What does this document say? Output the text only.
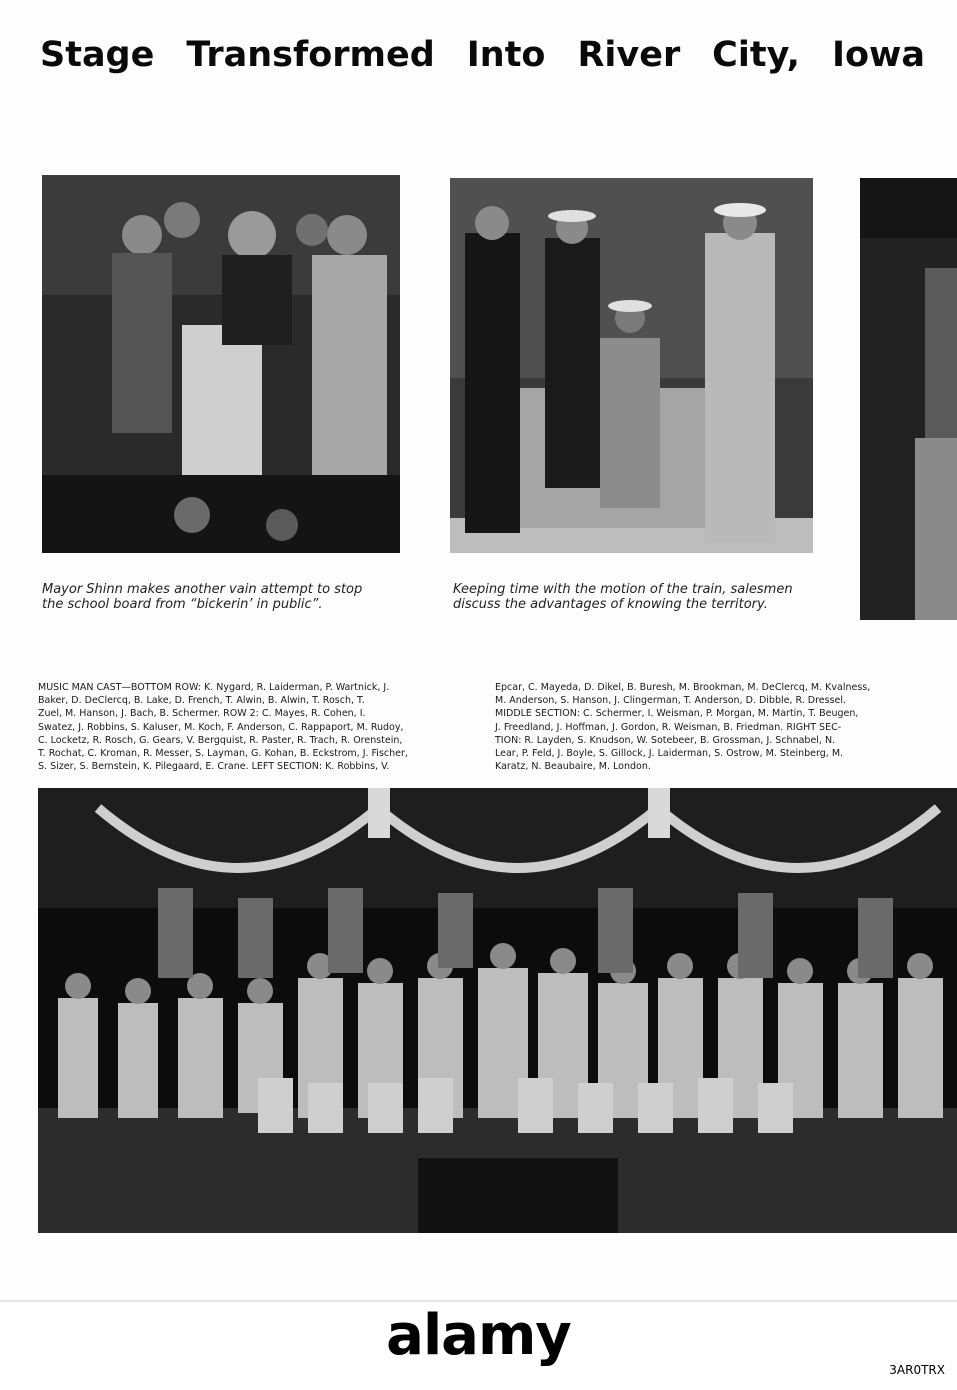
Stage Transformed Into River City, Iowa
Mayor Shinn makes another vain attempt to stop
the school board from “bickerin’ in public”.
Keeping time with the motion of the train, salesmen
discuss the advantages of knowing the territory.
MUSIC MAN CAST—BOTTOM ROW: K. Nygard, R. Laiderman, P. Wartnick, J.
Baker, D. DeClercq, B. Lake, D. French, T. Alwin, B. Alwin, T. Rosch, T.
Zuel, M. Hanson, J. Bach, B. Schermer. ROW 2: C. Mayes, R. Cohen, I.
Swatez, J. Robbins, S. Kaluser, M. Koch, F. Anderson, C. Rappaport, M. Rudoy,
C. Locketz, R. Rosch, G. Gears, V. Bergquist, R. Paster, R. Trach, R. Orenstein,
T. Rochat, C. Kroman, R. Messer, S. Layman, G. Kohan, B. Eckstrom, J. Fischer,
S. Sizer, S. Bernstein, K. Pilegaard, E. Crane. LEFT SECTION: K. Robbins, V.
Epcar, C. Mayeda, D. Dikel, B. Buresh, M. Brookman, M. DeClercq, M. Kvalness,
M. Anderson, S. Hanson, J. Clingerman, T. Anderson, D. Dibble, R. Dressel.
MIDDLE SECTION: C. Schermer, I. Weisman, P. Morgan, M. Martin, T. Beugen,
J. Freedland, J. Hoffman, J. Gordon, R. Weisman, B. Friedman. RIGHT SEC-
TION: R. Layden, S. Knudson, W. Sotebeer, B. Grossman, J. Schnabel, N.
Lear, P. Feld, J. Boyle, S. Gillock, J. Laiderman, S. Ostrow, M. Steinberg, M.
Karatz, N. Beaubaire, M. London.
alamy
3AR0TRX
